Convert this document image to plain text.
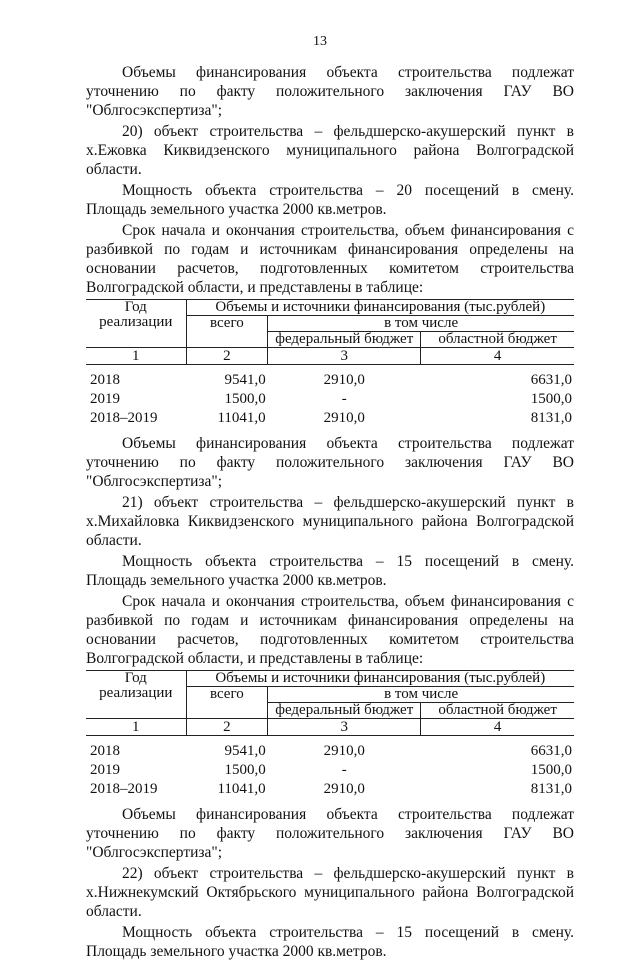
13

Объемы финансирования объекта строительства подлежат уточнению по факту положительного заключения ГАУ ВО "Облгосэкспертиза";

20) объект строительства – фельдшерско-акушерский пункт в х.Ежовка Киквидзенского муниципального района Волгоградской области.

Мощность объекта строительства – 20 посещений в смену. Площадь земельного участка 2000 кв.метров.

Срок начала и окончания строительства, объем финансирования с разбивкой по годам и источникам финансирования определены на основании расчетов, подготовленных комитетом строительства Волгоградской области, и представлены в таблице:

Год реализации	Объемы и источники финансирования (тыс.рублей)		
	всего	в том числе	
		федеральный бюджет	областной бюджет
1	2	3	4

2018	9541,0	2910,0	6631,0
2019	1500,0	-	1500,0
2018–2019	11041,0	2910,0	8131,0

Объемы финансирования объекта строительства подлежат уточнению по факту положительного заключения ГАУ ВО "Облгосэкспертиза";

21) объект строительства – фельдшерско-акушерский пункт в х.Михайловка Киквидзенского муниципального района Волгоградской области.

Мощность объекта строительства – 15 посещений в смену. Площадь земельного участка 2000 кв.метров.

Срок начала и окончания строительства, объем финансирования с разбивкой по годам и источникам финансирования определены на основании расчетов, подготовленных комитетом строительства Волгоградской области, и представлены в таблице:

Год реализации	Объемы и источники финансирования (тыс.рублей)		
	всего	в том числе	
		федеральный бюджет	областной бюджет
1	2	3	4

2018	9541,0	2910,0	6631,0
2019	1500,0	-	1500,0
2018–2019	11041,0	2910,0	8131,0

Объемы финансирования объекта строительства подлежат уточнению по факту положительного заключения ГАУ ВО "Облгосэкспертиза";

22) объект строительства – фельдшерско-акушерский пункт в х.Нижнекумский Октябрьского муниципального района Волгоградской области.

Мощность объекта строительства – 15 посещений в смену. Площадь земельного участка 2000 кв.метров.
